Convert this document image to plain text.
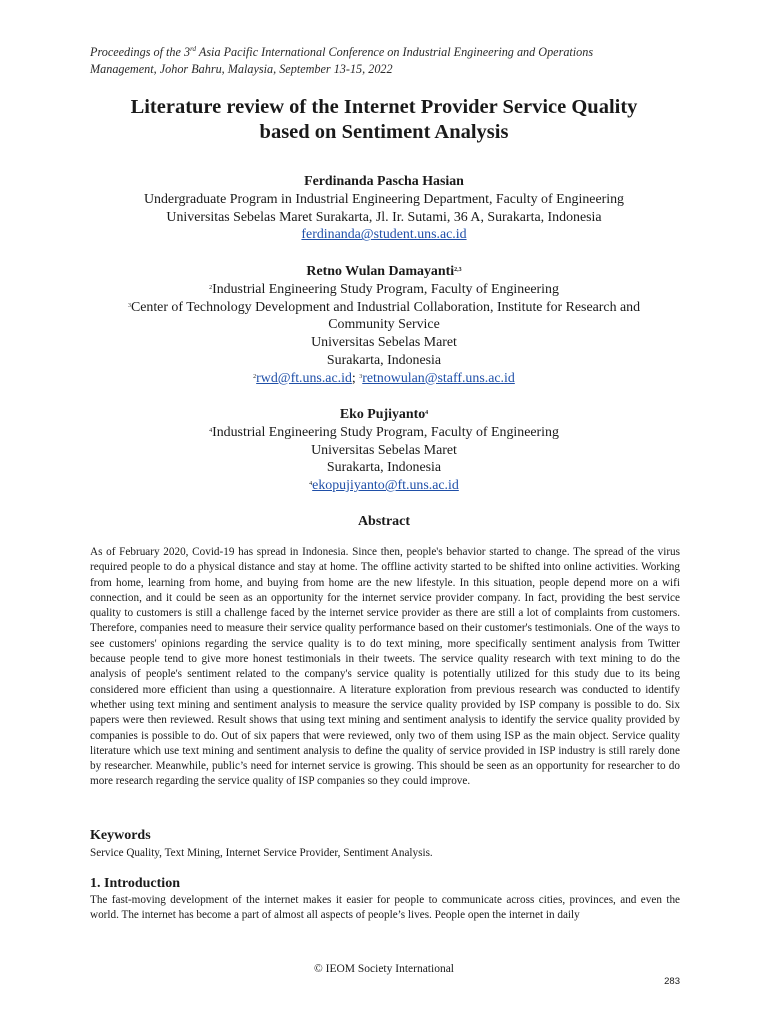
Proceedings of the 3rd Asia Pacific International Conference on Industrial Engineering and Operations
Management, Johor Bahru, Malaysia, September 13-15, 2022
Literature review of the Internet Provider Service Quality
based on Sentiment Analysis
Ferdinanda Pascha Hasian
Undergraduate Program in Industrial Engineering Department, Faculty of Engineering
Universitas Sebelas Maret Surakarta, Jl. Ir. Sutami, 36 A, Surakarta, Indonesia
ferdinanda@student.uns.ac.id
Retno Wulan Damayanti$^{2,3}$
$^2$Industrial Engineering Study Program, Faculty of Engineering
$^3$Center of Technology Development and Industrial Collaboration, Institute for Research and
Community Service
Universitas Sebelas Maret
Surakarta, Indonesia
$^2$rwd@ft.uns.ac.id; $^3$retnowulan@staff.uns.ac.id
Eko Pujiyanto$^4$
$^4$Industrial Engineering Study Program, Faculty of Engineering
Universitas Sebelas Maret
Surakarta, Indonesia
$^4$ekopujiyanto@ft.uns.ac.id
Abstract
As of February 2020, Covid-19 has spread in Indonesia. Since then, people's behavior started to change. The spread of the virus required people to do a physical distance and stay at home. The offline activity started to be shifted into online activities. Working from home, learning from home, and buying from home are the new lifestyle. In this situation, people depend more on a wifi connection, and it could be seen as an opportunity for the internet service provider company. In fact, providing the best service quality to customers is still a challenge faced by the internet service provider as there are still a lot of complaints from customers. Therefore, companies need to measure their service quality performance based on their customer's testimonials. One of the ways to see customers' opinions regarding the service quality is to do text mining, more specifically sentiment analysis from Twitter because people tend to give more honest testimonials in their tweets. The service quality research with text mining to do the analysis of people's sentiment related to the company's service quality is potentially utilized for this study due to its being considered more efficient than using a questionnaire. A literature exploration from previous research was conducted to identify whether using text mining and sentiment analysis to measure the service quality provided by ISP company is possible to do. Six papers were then reviewed. Result shows that using text mining and sentiment analysis to identify the service quality provided by companies is possible to do. Out of six papers that were reviewed, only two of them using ISP as the main object. Service quality literature which use text mining and sentiment analysis to define the quality of service provided in ISP industry is still rarely done by researcher. Meanwhile, public’s need for internet service is growing. This should be seen as an opportunity for researcher to do more research regarding the service quality of ISP companies so they could improve.
Keywords
Service Quality, Text Mining, Internet Service Provider, Sentiment Analysis.
1. Introduction
The fast-moving development of the internet makes it easier for people to communicate across cities, provinces, and even the world. The internet has become a part of almost all aspects of people’s lives. People open the internet in daily
© IEOM Society International
283
